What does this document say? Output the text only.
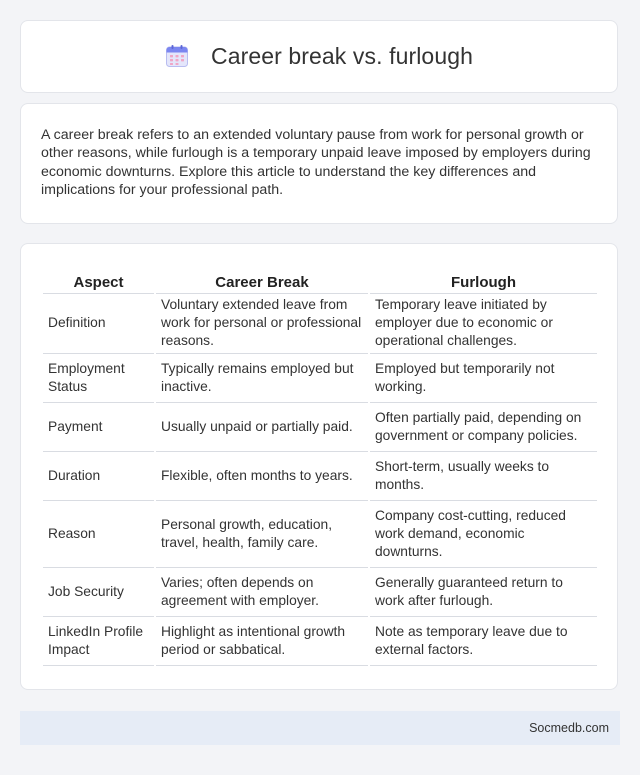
Career break vs. furlough

A career break refers to an extended voluntary pause from work for personal growth or other reasons, while furlough is a temporary unpaid leave imposed by employers during economic downturns. Explore this article to understand the key differences and implications for your professional path.

Aspect	Career Break	Furlough
Definition	Voluntary extended leave from work for personal or professional reasons.	Temporary leave initiated by employer due to economic or operational challenges.
Employment Status	Typically remains employed but inactive.	Employed but temporarily not working.
Payment	Usually unpaid or partially paid.	Often partially paid, depending on government or company policies.
Duration	Flexible, often months to years.	Short-term, usually weeks to months.
Reason	Personal growth, education, travel, health, family care.	Company cost-cutting, reduced work demand, economic downturns.
Job Security	Varies; often depends on agreement with employer.	Generally guaranteed return to work after furlough.
LinkedIn Profile Impact	Highlight as intentional growth period or sabbatical.	Note as temporary leave due to external factors.
Socmedb.com
